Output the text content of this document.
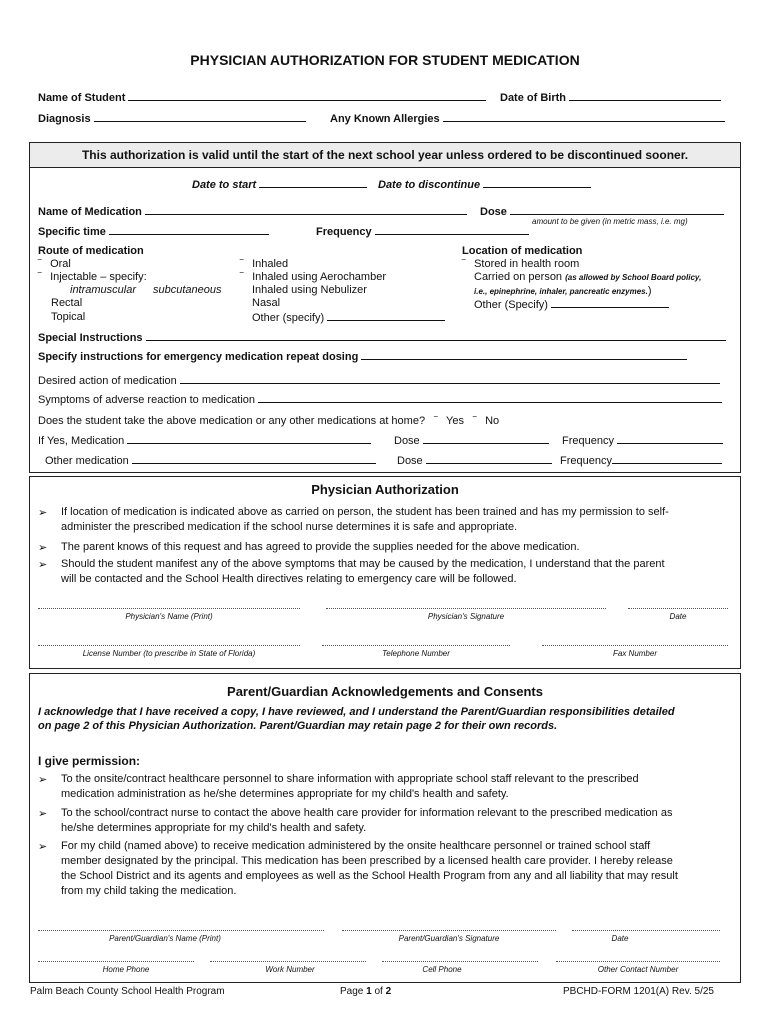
PHYSICIAN AUTHORIZATION FOR STUDENT MEDICATION
Name of Student	Date of Birth
Diagnosis	Any Known Allergies
This authorization is valid until the start of the next school year unless ordered to be discontinued sooner.
Date to start	Date to discontinue
Name of Medication	Dose
amount to be given (in metric mass, i.e. mg)
Specific time	Frequency
Route of medication
‾ Oral
‾ Injectable – specify:
intramuscular subcutaneous
Rectal
Topical
‾ Inhaled
‾ Inhaled using Aerochamber
Inhaled using Nebulizer
Nasal
Other (specify)
Location of medication
‾ Stored in health room
Carried on person (as allowed by School Board policy,
i.e., epinephrine, inhaler, pancreatic enzymes.)
Other (Specify)
Special Instructions
Specify instructions for emergency medication repeat dosing
Desired action of medication
Symptoms of adverse reaction to medication
Does the student take the above medication or any other medications at home? ‾ Yes ‾ No
If Yes, Medication	Dose	Frequency
Other medication	Dose	Frequency
Physician Authorization
➢ If location of medication is indicated above as carried on person, the student has been trained and has my permission to self-
administer the prescribed medication if the school nurse determines it is safe and appropriate.
➢ The parent knows of this request and has agreed to provide the supplies needed for the above medication.
➢ Should the student manifest any of the above symptoms that may be caused by the medication, I understand that the parent
will be contacted and the School Health directives relating to emergency care will be followed.
Physician's Name (Print)	Physician's Signature	Date
License Number (to prescribe in State of Florida)	Telephone Number	Fax Number
Parent/Guardian Acknowledgements and Consents
I acknowledge that I have received a copy, I have reviewed, and I understand the Parent/Guardian responsibilities detailed
on page 2 of this Physician Authorization. Parent/Guardian may retain page 2 for their own records.
I give permission:
➢ To the onsite/contract healthcare personnel to share information with appropriate school staff relevant to the prescribed
medication administration as he/she determines appropriate for my child's health and safety.
➢ To the school/contract nurse to contact the above health care provider for information relevant to the prescribed medication as
he/she determines appropriate for my child's health and safety.
➢ For my child (named above) to receive medication administered by the onsite healthcare personnel or trained school staff
member designated by the principal. This medication has been prescribed by a licensed health care provider. I hereby release
the School District and its agents and employees as well as the School Health Program from any and all liability that may result
from my child taking the medication.
Parent/Guardian's Name (Print)	Parent/Guardian's Signature	Date
Home Phone	Work Number	Cell Phone	Other Contact Number
Palm Beach County School Health Program	Page 1 of 2	PBCHD-FORM 1201(A) Rev. 5/25
